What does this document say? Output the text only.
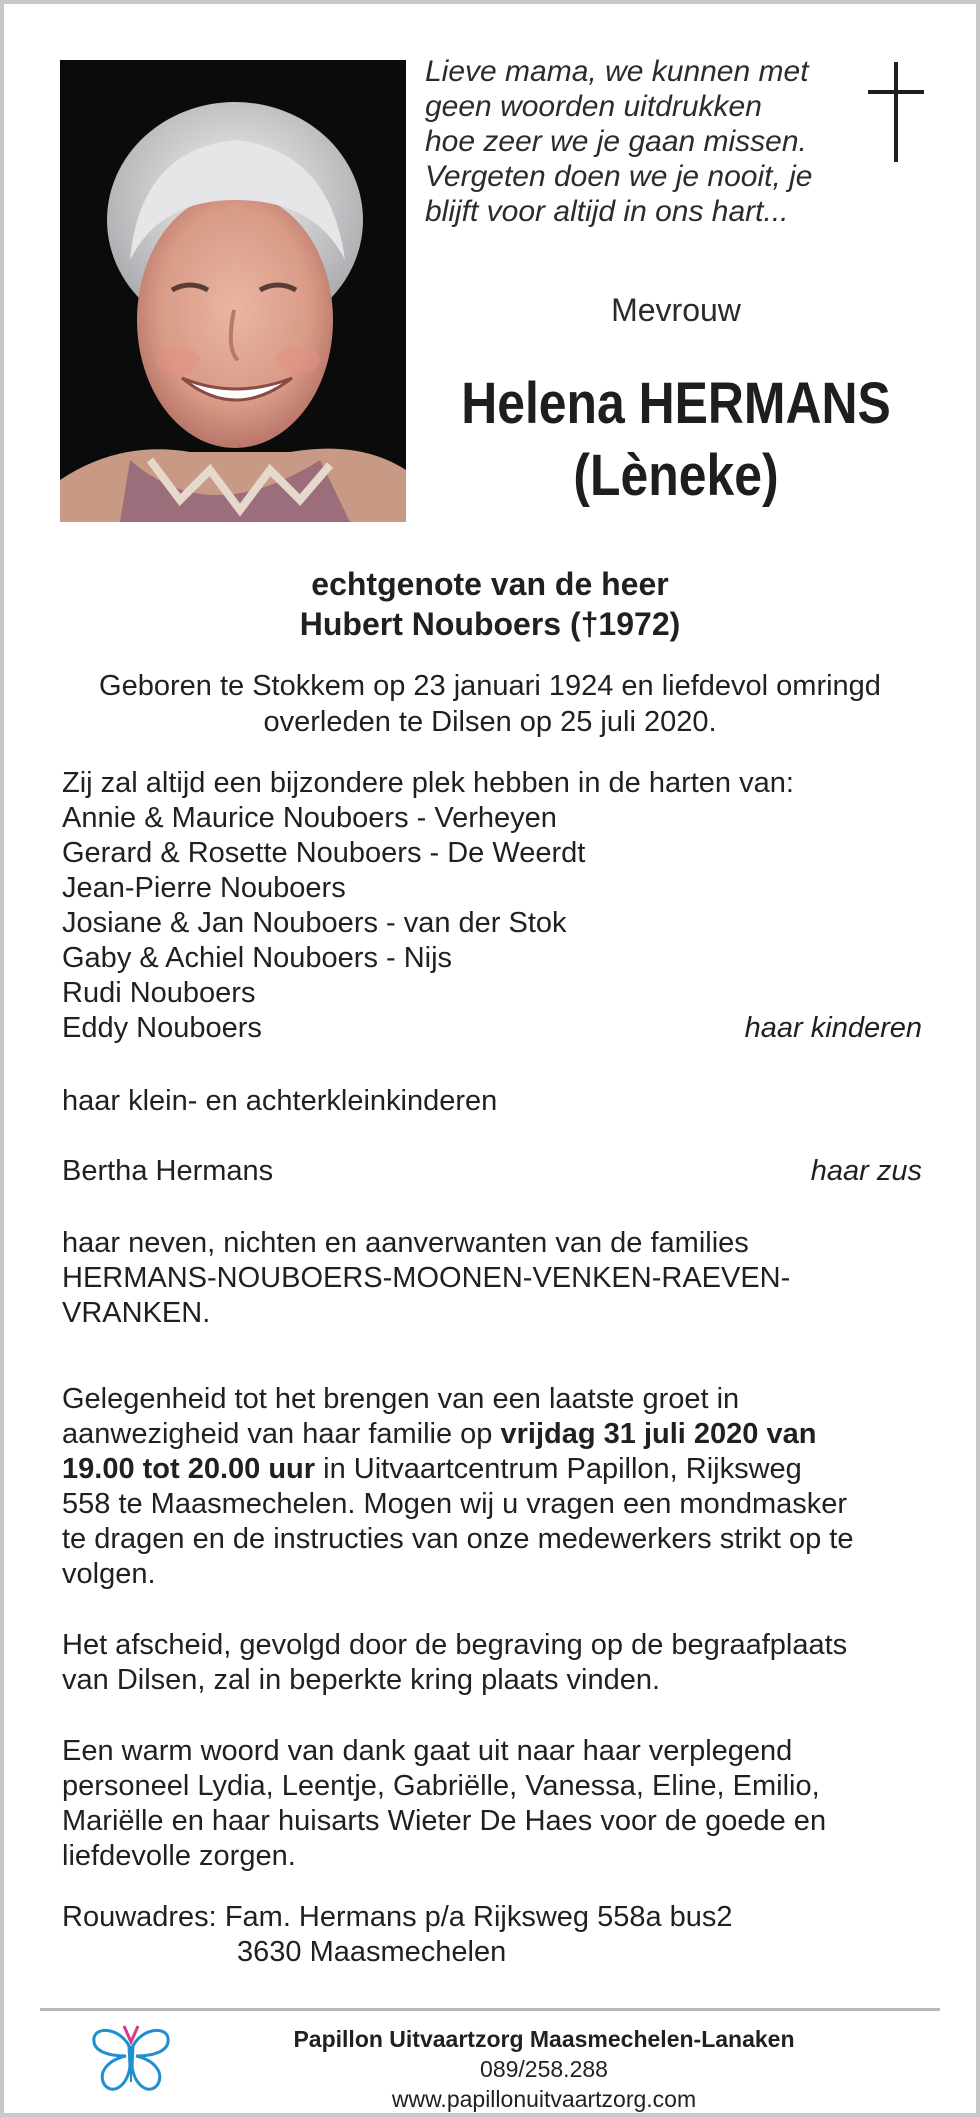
Lieve mama, we kunnen met
geen woorden uitdrukken
hoe zeer we je gaan missen.
Vergeten doen we je nooit, je
blijft voor altijd in ons hart...
Mevrouw
Helena HERMANS
(Lèneke)
echtgenote van de heer
Hubert Nouboers (†1972)
Geboren te Stokkem op 23 januari 1924 en liefdevol omringd
overleden te Dilsen op 25 juli 2020.
Zij zal altijd een bijzondere plek hebben in de harten van:
Annie & Maurice Nouboers - Verheyen
Gerard & Rosette Nouboers - De Weerdt
Jean-Pierre Nouboers
Josiane & Jan Nouboers - van der Stok
Gaby & Achiel Nouboers - Nijs
Rudi Nouboers
Eddy Nouboers	haar kinderen
haar klein- en achterkleinkinderen
Bertha Hermans	haar zus
haar neven, nichten en aanverwanten van de families
HERMANS-NOUBOERS-MOONEN-VENKEN-RAEVEN-
VRANKEN.
Gelegenheid tot het brengen van een laatste groet in
aanwezigheid van haar familie op vrijdag 31 juli 2020 van
19.00 tot 20.00 uur in Uitvaartcentrum Papillon, Rijksweg
558 te Maasmechelen. Mogen wij u vragen een mondmasker
te dragen en de instructies van onze medewerkers strikt op te
volgen.
Het afscheid, gevolgd door de begraving op de begraafplaats
van Dilsen, zal in beperkte kring plaats vinden.
Een warm woord van dank gaat uit naar haar verplegend
personeel Lydia, Leentje, Gabriëlle, Vanessa, Eline, Emilio,
Mariëlle en haar huisarts Wieter De Haes voor de goede en
liefdevolle zorgen.
Rouwadres: Fam. Hermans p/a Rijksweg 558a bus2
3630 Maasmechelen
Papillon Uitvaartzorg Maasmechelen-Lanaken
089/258.288
www.papillonuitvaartzorg.com
